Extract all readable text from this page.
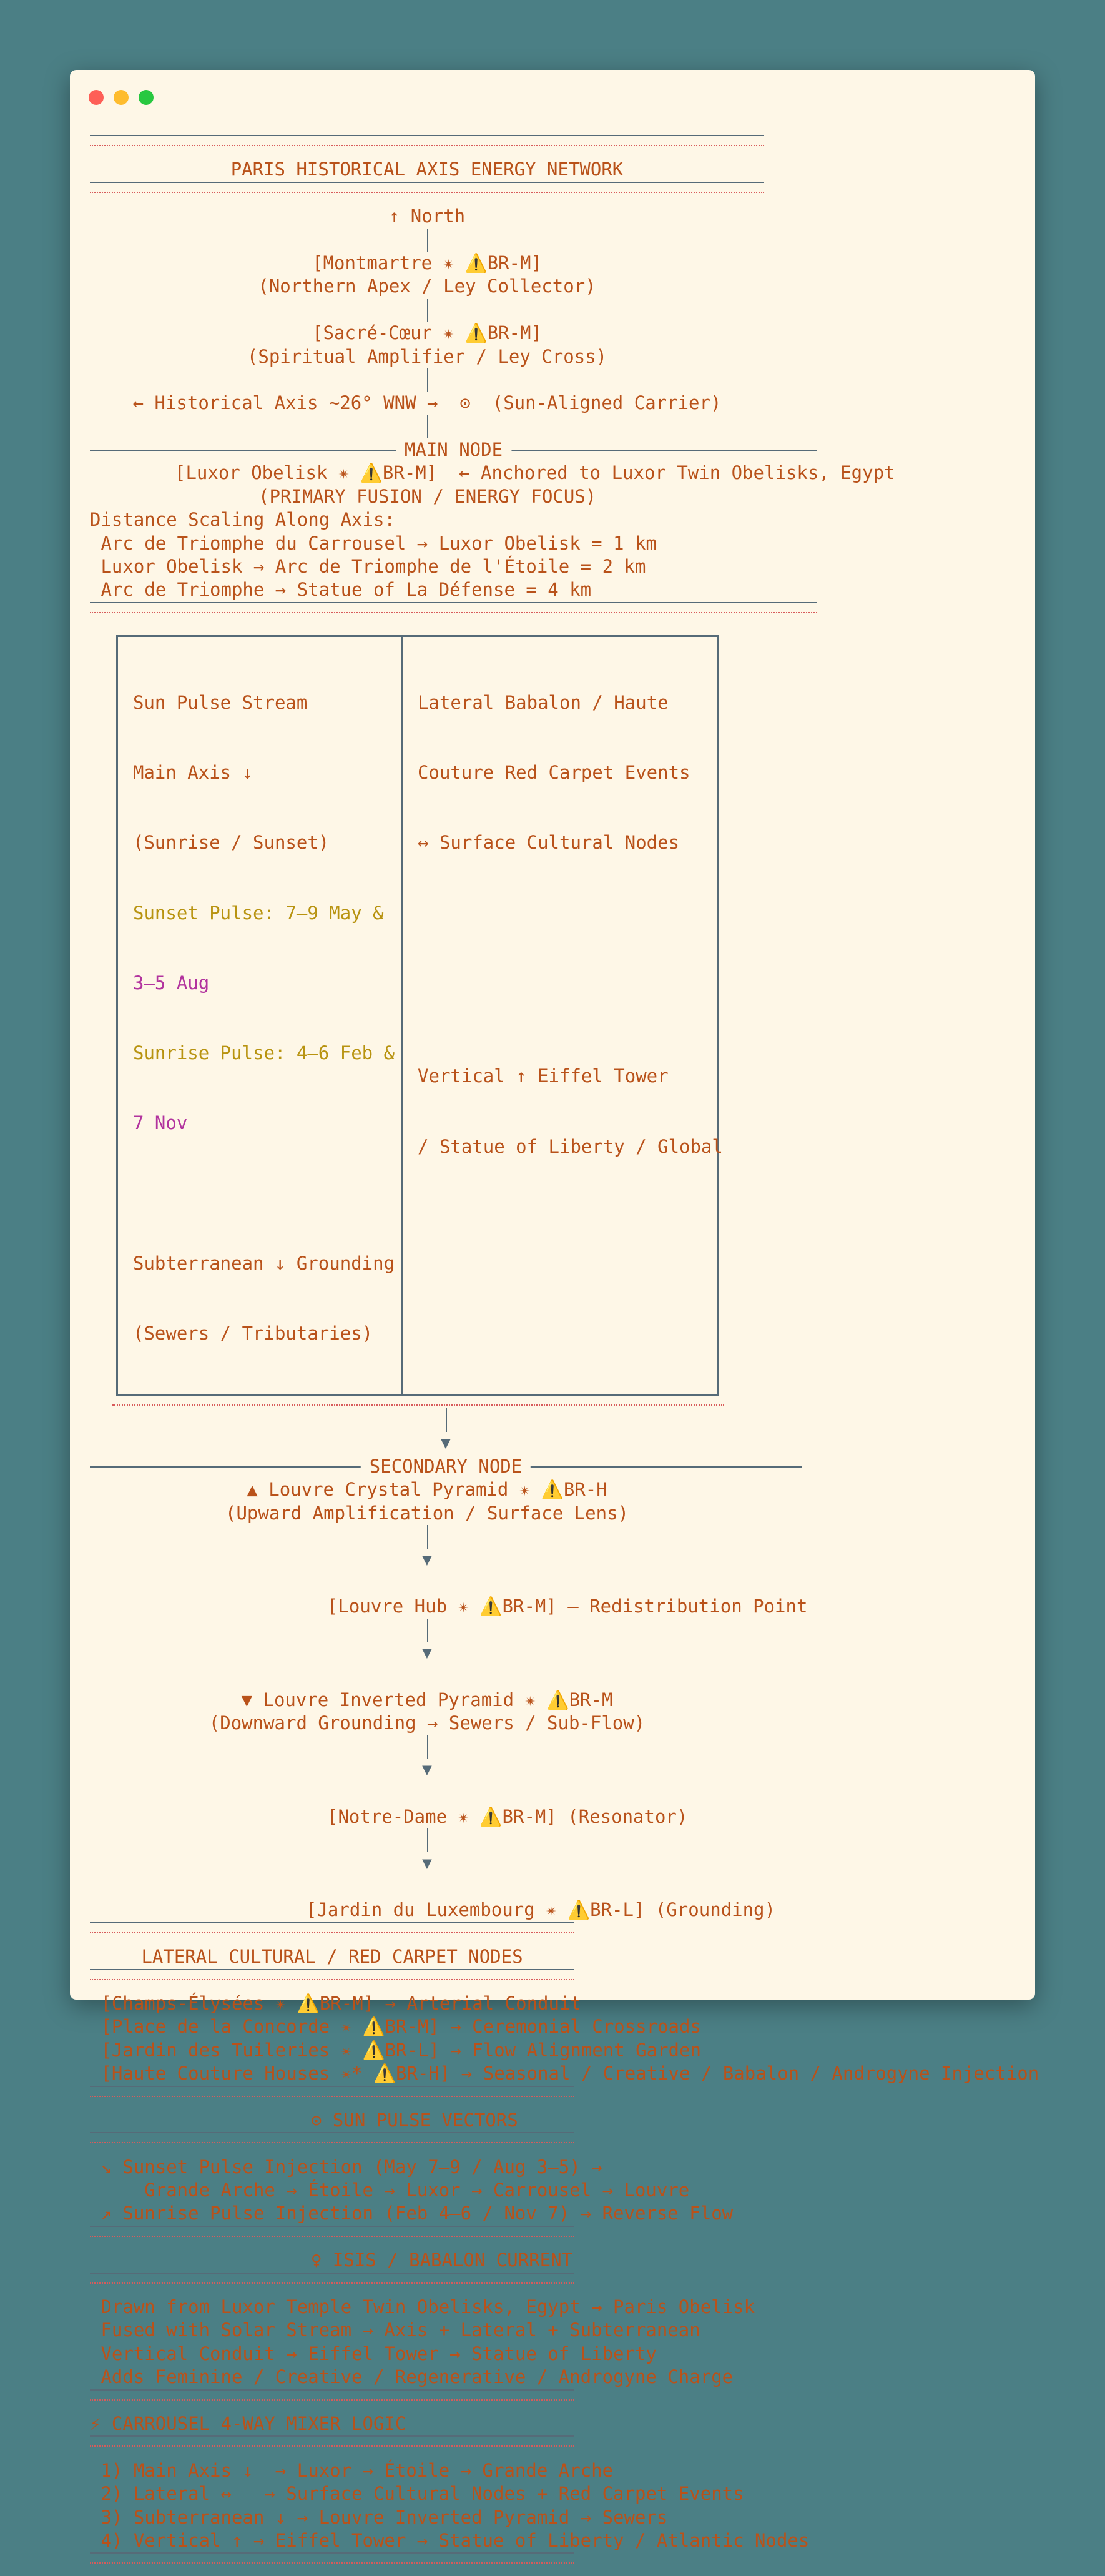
PARIS HISTORICAL AXIS ENERGY NETWORK
↑ North
[Montmartre ✴ ⚠️BR-M]
(Northern Apex / Ley Collector)
[Sacré-Cœur ✴ ⚠️BR-M]
(Spiritual Amplifier / Ley Cross)
← Historical Axis ~26° WNW →  ⊙  (Sun-Aligned Carrier)
MAIN NODE
[Luxor Obelisk ✴ ⚠️BR-M]  ← Anchored to Luxor Twin Obelisks, Egypt
(PRIMARY FUSION / ENERGY FOCUS)
Distance Scaling Along Axis:
Arc de Triomphe du Carrousel → Luxor Obelisk = 1 km
Luxor Obelisk → Arc de Triomphe de l'Étoile = 2 km
Arc de Triomphe → Statue of La Défense = 4 km

Sun Pulse Stream

Main Axis ↓

(Sunrise / Sunset)

Sunset Pulse: 7–9 May &

3–5 Aug

Sunrise Pulse: 4–6 Feb &

7 Nov

Subterranean ↓ Grounding

(Sewers / Tributaries)

Lateral Babalon / Haute

Couture Red Carpet Events

↔ Surface Cultural Nodes

Vertical ↑ Eiffel Tower

/ Statue of Liberty / Global

▼
SECONDARY NODE
▲ Louvre Crystal Pyramid ✴ ⚠️BR-H
(Upward Amplification / Surface Lens)
▼
[Louvre Hub ✴ ⚠️BR-M] — Redistribution Point
▼
▼ Louvre Inverted Pyramid ✴ ⚠️BR-M
(Downward Grounding → Sewers / Sub-Flow)
▼
[Notre-Dame ✴ ⚠️BR-M] (Resonator)
▼
[Jardin du Luxembourg ✴ ⚠️BR-L] (Grounding)
LATERAL CULTURAL / RED CARPET NODES
[Champs-Élysées ✴ ⚠️BR-M] → Arterial Conduit
[Place de la Concorde ✴ ⚠️BR-M] → Ceremonial Crossroads
[Jardin des Tuileries ✴ ⚠️BR-L] → Flow Alignment Garden
[Haute Couture Houses ✴* ⚠️BR-H] → Seasonal / Creative / Babalon / Androgyne Injection
⊙ SUN PULSE VECTORS
↘ Sunset Pulse Injection (May 7–9 / Aug 3–5) →
Grande Arche → Étoile → Luxor → Carrousel → Louvre
↗ Sunrise Pulse Injection (Feb 4–6 / Nov 7) → Reverse Flow
♀ ISIS / BABALON CURRENT
Drawn from Luxor Temple Twin Obelisks, Egypt → Paris Obelisk
Fused with Solar Stream → Axis + Lateral + Subterranean
Vertical Conduit → Eiffel Tower → Statue of Liberty
Adds Feminine / Creative / Regenerative / Androgyne Charge
⚡ CARROUSEL 4-WAY MIXER LOGIC
1) Main Axis ↓  → Luxor → Étoile → Grande Arche
2) Lateral ↔   → Surface Cultural Nodes + Red Carpet Events
3) Subterranean ↓ → Louvre Inverted Pyramid → Sewers
4) Vertical ↑ → Eiffel Tower → Statue of Liberty / Atlantic Nodes
